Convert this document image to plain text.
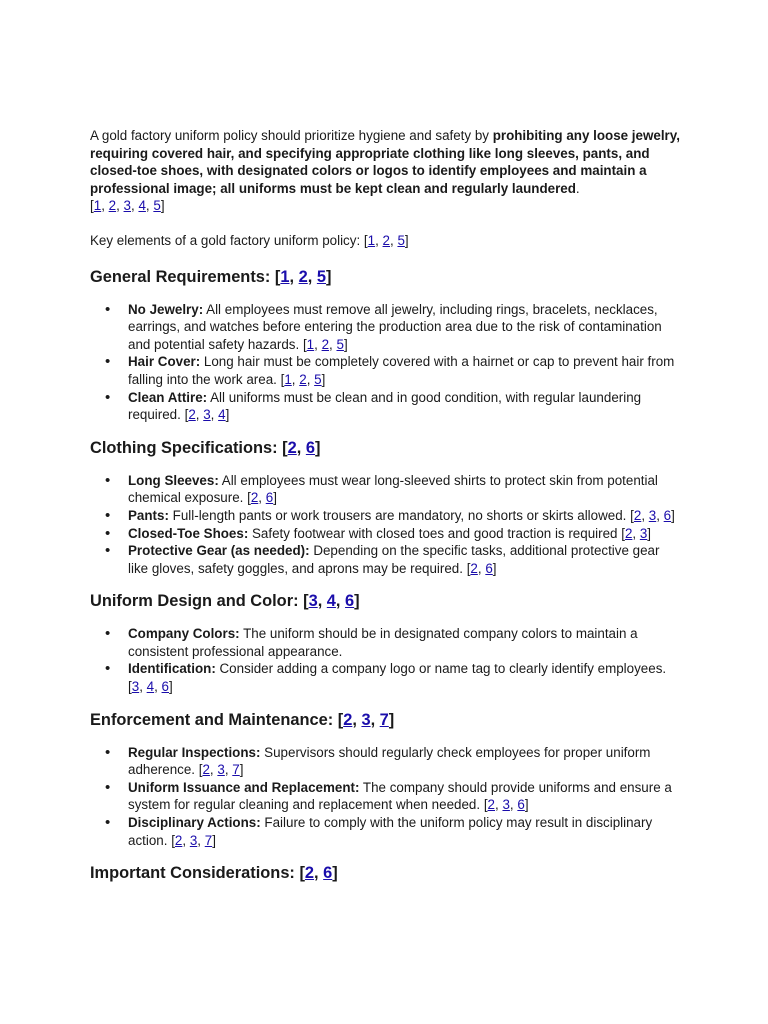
A gold factory uniform policy should prioritize hygiene and safety by prohibiting any loose jewelry, requiring covered hair, and specifying appropriate clothing like long sleeves, pants, and closed-toe shoes, with designated colors or logos to identify employees and maintain a professional image; all uniforms must be kept clean and regularly laundered.
[1, 2, 3, 4, 5]

Key elements of a gold factory uniform policy: [1, 2, 5]

General Requirements: [1, 2, 5]
• No Jewelry: All employees must remove all jewelry, including rings, bracelets, necklaces, earrings, and watches before entering the production area due to the risk of contamination and potential safety hazards. [1, 2, 5]
• Hair Cover: Long hair must be completely covered with a hairnet or cap to prevent hair from falling into the work area. [1, 2, 5]
• Clean Attire: All uniforms must be clean and in good condition, with regular laundering required. [2, 3, 4]
Clothing Specifications: [2, 6]
• Long Sleeves: All employees must wear long-sleeved shirts to protect skin from potential chemical exposure. [2, 6]
• Pants: Full-length pants or work trousers are mandatory, no shorts or skirts allowed. [2, 3, 6]
• Closed-Toe Shoes: Safety footwear with closed toes and good traction is required [2, 3]
• Protective Gear (as needed): Depending on the specific tasks, additional protective gear like gloves, safety goggles, and aprons may be required. [2, 6]
Uniform Design and Color: [3, 4, 6]
• Company Colors: The uniform should be in designated company colors to maintain a consistent professional appearance.
• Identification: Consider adding a company logo or name tag to clearly identify employees. [3, 4, 6]
Enforcement and Maintenance: [2, 3, 7]
• Regular Inspections: Supervisors should regularly check employees for proper uniform adherence. [2, 3, 7]
• Uniform Issuance and Replacement: The company should provide uniforms and ensure a system for regular cleaning and replacement when needed. [2, 3, 6]
• Disciplinary Actions: Failure to comply with the uniform policy may result in disciplinary action. [2, 3, 7]
Important Considerations: [2, 6]
